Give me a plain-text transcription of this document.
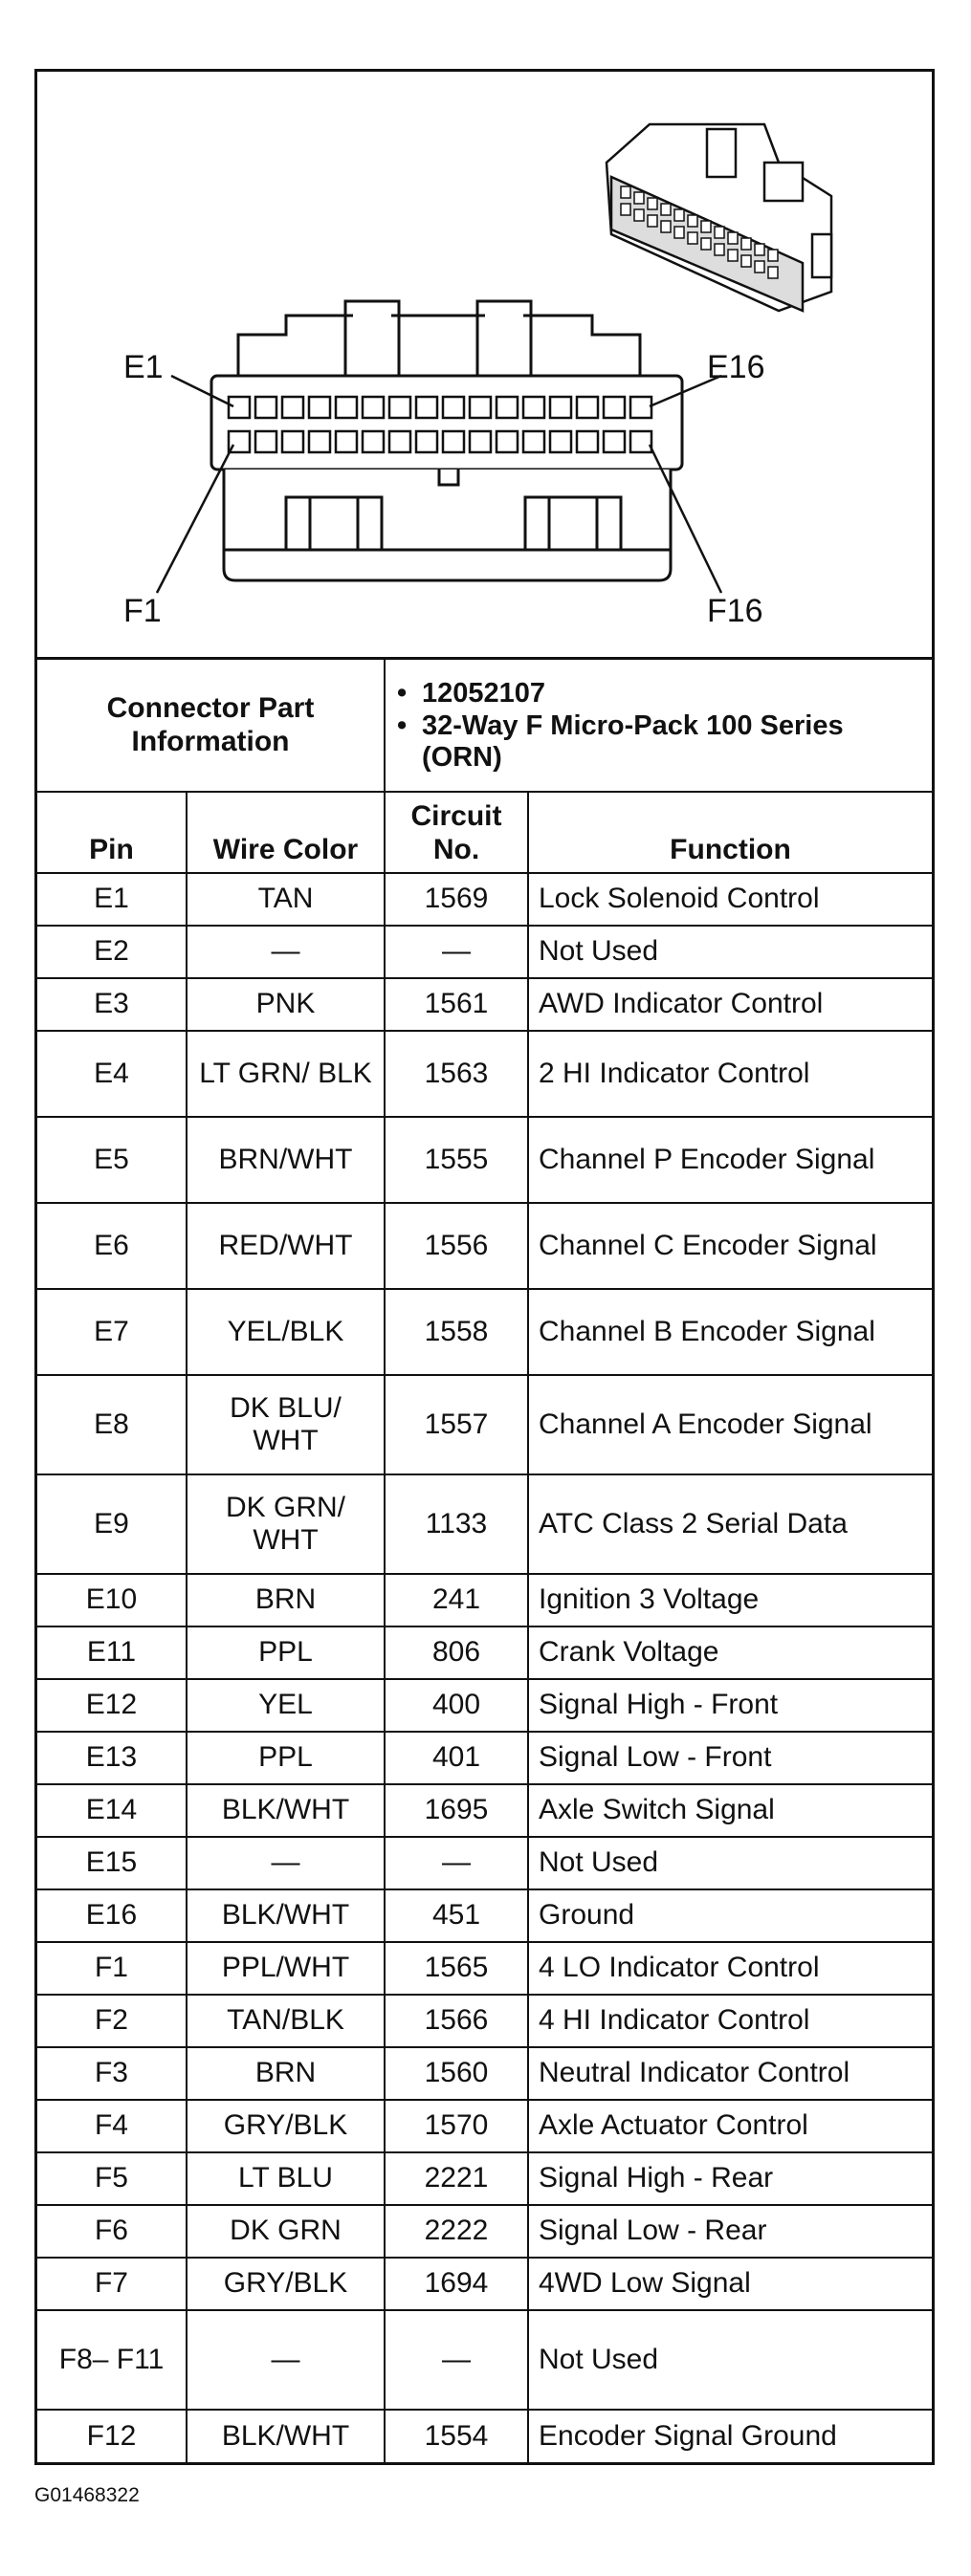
E1	E16
F1	F16
Connector Part Information	
• 12052107
• 32-Way F Micro-Pack 100 Series (ORN)
Pin	Wire Color	Circuit No.	Function
E1	TAN	1569	Lock Solenoid Control
E2	—	—	Not Used
E3	PNK	1561	AWD Indicator Control
E4	LT GRN/ BLK	1563	2 HI Indicator Control
E5	BRN/WHT	1555	Channel P Encoder Signal
E6	RED/WHT	1556	Channel C Encoder Signal
E7	YEL/BLK	1558	Channel B Encoder Signal
E8	DK BLU/ WHT	1557	Channel A Encoder Signal
E9	DK GRN/ WHT	1133	ATC Class 2 Serial Data
E10	BRN	241	Ignition 3 Voltage
E11	PPL	806	Crank Voltage
E12	YEL	400	Signal High - Front
E13	PPL	401	Signal Low - Front
E14	BLK/WHT	1695	Axle Switch Signal
E15	—	—	Not Used
E16	BLK/WHT	451	Ground
F1	PPL/WHT	1565	4 LO Indicator Control
F2	TAN/BLK	1566	4 HI Indicator Control
F3	BRN	1560	Neutral Indicator Control
F4	GRY/BLK	1570	Axle Actuator Control
F5	LT BLU	2221	Signal High - Rear
F6	DK GRN	2222	Signal Low - Rear
F7	GRY/BLK	1694	4WD Low Signal
F8– F11	—	—	Not Used
F12	BLK/WHT	1554	Encoder Signal Ground
G01468322
